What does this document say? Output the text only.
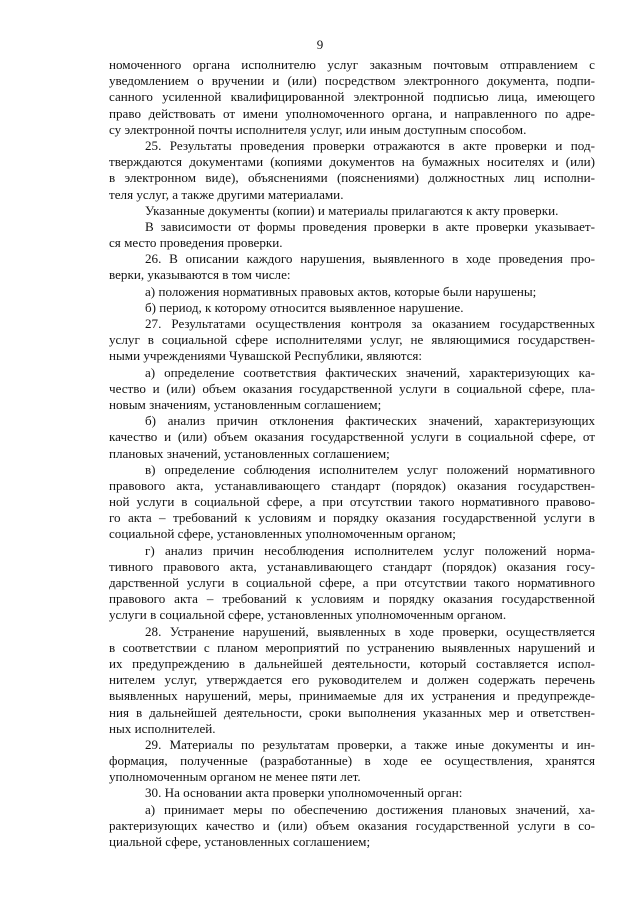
9
номоченного органа исполнителю услуг заказным почтовым отправлением с
уведомлением о вручении и (или) посредством электронного документа, подпи-
санного усиленной квалифицированной электронной подписью лица, имеющего
право действовать от имени уполномоченного органа, и направленного по адре-
су электронной почты исполнителя услуг, или иным доступным способом.
25. Результаты проведения проверки отражаются в акте проверки и под-
тверждаются документами (копиями документов на бумажных носителях и (или)
в электронном виде), объяснениями (пояснениями) должностных лиц исполни-
теля услуг, а также другими материалами.
Указанные документы (копии) и материалы прилагаются к акту проверки.
В зависимости от формы проведения проверки в акте проверки указывает-
ся место проведения проверки.
26. В описании каждого нарушения, выявленного в ходе проведения про-
верки, указываются в том числе:
а) положения нормативных правовых актов, которые были нарушены;
б) период, к которому относится выявленное нарушение.
27. Результатами осуществления контроля за оказанием государственных
услуг в социальной сфере исполнителями услуг, не являющимися государствен-
ными учреждениями Чувашской Республики, являются:
а) определение соответствия фактических значений, характеризующих ка-
чество и (или) объем оказания государственной услуги в социальной сфере, пла-
новым значениям, установленным соглашением;
б) анализ причин отклонения фактических значений, характеризующих
качество и (или) объем оказания государственной услуги в социальной сфере, от
плановых значений, установленных соглашением;
в) определение соблюдения исполнителем услуг положений нормативного
правового акта, устанавливающего стандарт (порядок) оказания государствен-
ной услуги в социальной сфере, а при отсутствии такого нормативного правово-
го акта – требований к условиям и порядку оказания государственной услуги в
социальной сфере, установленных уполномоченным органом;
г) анализ причин несоблюдения исполнителем услуг положений норма-
тивного правового акта, устанавливающего стандарт (порядок) оказания госу-
дарственной услуги в социальной сфере, а при отсутствии такого нормативного
правового акта – требований к условиям и порядку оказания государственной
услуги в социальной сфере, установленных уполномоченным органом.
28. Устранение нарушений, выявленных в ходе проверки, осуществляется
в соответствии с планом мероприятий по устранению выявленных нарушений и
их предупреждению в дальнейшей деятельности, который составляется испол-
нителем услуг, утверждается его руководителем и должен содержать перечень
выявленных нарушений, меры, принимаемые для их устранения и предупрежде-
ния в дальнейшей деятельности, сроки выполнения указанных мер и ответствен-
ных исполнителей.
29. Материалы по результатам проверки, а также иные документы и ин-
формация, полученные (разработанные) в ходе ее осуществления, хранятся
уполномоченным органом не менее пяти лет.
30. На основании акта проверки уполномоченный орган:
а) принимает меры по обеспечению достижения плановых значений, ха-
рактеризующих качество и (или) объем оказания государственной услуги в со-
циальной сфере, установленных соглашением;
